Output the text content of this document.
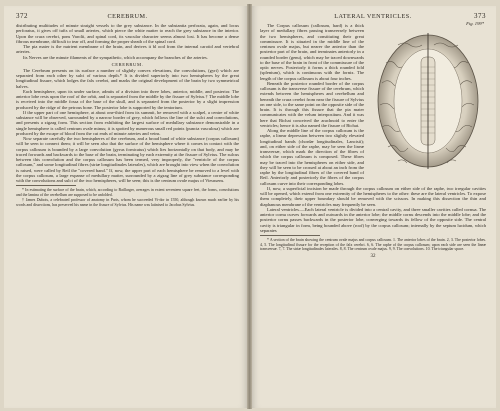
372	CEREBRUM.

distributing multitudes of minute straight vessels to the grey substance. In the substantia perforata, again, and locus perforatus, it gives off tufts of small arteries, which pierce the white matter to reach the grey substance in the interior. Upon the crura cerebri, pons Varolii, and spinal cord, its vascular character seems almost lost. It has become a dense fibrous membrane, difficult to tear off, and forming the proper sheath of the spinal cord.

The pia mater is the nutrient membrane of the brain, and derives it bl ood from the internal carotid and vertebral arteries.

Its Nerves are the minute filaments of the sympathetic, which accompany the branches of the arteries.

CEREBRUM.

The Cerebrum presents on its surface a number of slightly convex elevations, the convolutions, (gyri) which are separated from each other by sulci of various depth.* It is divided superiorly into two hemispheres by the great longitudinal fissure, which lodges the falx cerebri, and marks the original development of the brain by two symmetrical halves.

Each hemisphere, upon its under surface, admits of a division into three lobes, anterior, middle, and posterior. The anterior lobe rests upon the roof of the orbit, and is separated from the middle by the fissure of Sylvius.† The middle lobe is received into the middle fossa of the base of the skull, and is separated from the posterior by a slight impression produced by the ridge of the petrous bone. The posterior lobe is supported by the tentorium.

If the upper part of one hemisphere, at about one-third from its summit, be removed with a scalpel, a centre of white substance will be observed, surrounded by a narrow border of grey, which follows the line of the sulci and convolutions, and presents a zigzag form. This section from exhibiting the largest surface of medullary substance demonstrable in a single hemisphere is called centrum ovale minus; it is spotted by numerous small red points (puncta vasculosa) which are produced by the escape of blood from the cut ends of minute arteries and veins.

Now separate carefully the two hemispheres of the cerebrum, and a broad band of white substance (corpus callosum) will be seen to connect them; it will be seen also that the surface of the hemisphere where it comes in contact with the corpus callosum is bounded by a large convolution (gyrus fornicatus) which lies horizontally on that body, and may be traced forwards and backwards to the base of the brain, terminating by each extremity at the fissure of Sylvius. The sulcus between this convolution and the corpus callosum has been termed, very improperly, the "ventricle of the corpus callosum," and some longitudinal fibres (striæ longitudinales laterales), which are brought into view when the convolution is raised, were called by Reil the "covered band." If, now, the upper part of each hemisphere be removed to a level with the corpus callosum, a large expanse of medullary matter, surrounded by a zigzag line of grey substance corresponding with the convolutions and sulci of the two hemispheres, will be seen; this is the centrum ovale majus of Vieussens.

* In estimating the surface of the brain, which, according to Baillarger, averages in extent seventeen square feet, the forms, convolutions and the lamina of the cerebellum are supposed to be unfolded.

† James Dubois, a celebrated professor of anatomy in Paris, whom he succeeded Vi-dor in 1550, although known much earlier by his words and dissections, has preserved his name in the fissure of Sylvius. His name was latinised to Jacobus Sylvius.

LATERAL VENTRICLES.	373
Fig. 199*

The Corpus callosum (callosum, hard) is a thick layer of medullary fibres passing transversely between the two hemispheres, and constituting their great commissure. It is situated in the middle line of the centrum ovale majus, but nearer the anterior than the posterior part of the brain, and terminates anteriorly in a rounded border (genu), which may be traced downwards to the base of the brain in front of the commissure of the optic nerves. Posteriorly it forms a thick rounded fold (splenium), which is continuous with the fornix. The length of the corpus callosum is about four inches.

Beneath the posterior rounded border of the corpus callosum is the transverse fissure of the cerebrum, which extends between the hemispheres and cerebellum and beneath the crura cerebri from near the fissure of Sylvius on one side, to the same point on the opposite side of the brain. It is through this fissure that the pia mater communicates with the velum interpositum. And it was here that Bichat conceived the arachnoid to enter the ventricles; hence it is also named the fissure of Bichat.

Along the middle line of the corpus callosum is the raphe, a linear depression between two slightly elevated longitudinal bands (chordæ longitudinales, Lancisii); and, on either side of the raphe, may be seen the lineæ transversæ, which mark the direction of the fibres of which the corpus callosum is composed. These fibres may be traced into the hemispheres on either side, and they will be seen to be crossed at about an inch from the raphe by the longitudinal fibres of the covered band of Reil. Anteriorly and posteriorly the fibres of the corpus callosum curve into their corresponding lobes.

If, now, a superficial incision be made through the corpus callosum on either side of the raphe, two irregular cavities will be opened, which extend from one extremity of the hemispheres to the other: these are the lateral ventricles. To expose them completely, their upper boundary should be removed with the scissors. In making this dissection the thin and diaphanous membrane of the ventricles may frequently be seen.

Lateral ventricles.—Each lateral ventricle is divided into a central cavity, and three smaller cavities called cornua. The anterior cornu curves forwards and outwards in the anterior lobe; the middle cornu descends into the middle lobe; and the posterior cornu passes backwards in the posterior lobe, converging towards its fellow of the opposite side. The central cavity is triangular in form, being bounded above (roof) by the corpus callosum; internally by the septum lucidum, which separates

* A section of the brain showing the centrum ovale majus and corpus callosum. 1. The anterior lobes of the brain. 2, 3. The posterior lobes. 4, 5. The longitudinal fissure for the reception of the falx cerebri. 6, 6. The raphe of the corpus callosum; upon each side are seen the lineæ transversæ. 7, 7. The striæ longitudinales laterales. 8, 8. The centrum ovale majus. 9, 9. The convolutions. 10. The triangular space.

32
